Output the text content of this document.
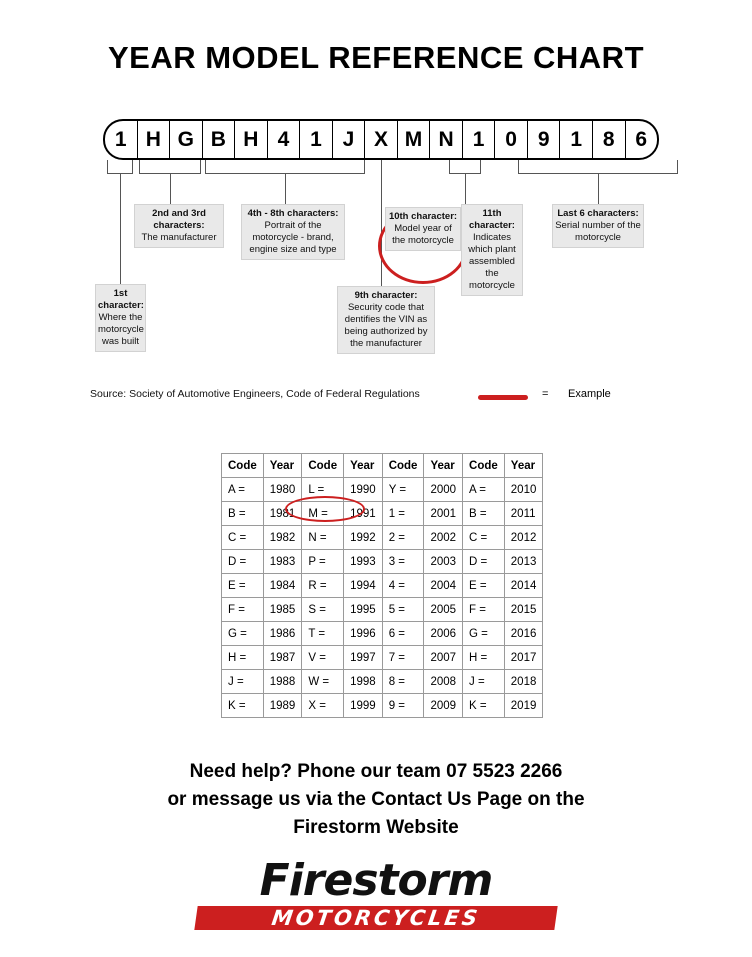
YEAR MODEL REFERENCE CHART
1 H G B H 4 1 J X M N 1 0 9 1 8 6
1st character:
Where the motorcycle was built
2nd and 3rd characters:
The manufacturer
4th - 8th characters:
Portrait of the motorcycle - brand, engine size and type
9th character:
Security code that dentifies the VIN as being authorized by the manufacturer
10th character:
Model year of the motorcycle
11th character:
Indicates which plant assembled the motorcycle
Last 6 characters:
Serial number of the motorcycle
Source: Society of Automotive Engineers, Code of Federal Regulations	= Example
Code	Year	Code	Year	Code	Year	Code	Year
A =	1980	L =	1990	Y =	2000	A =	2010
B =	1981	M =	1991	1 =	2001	B =	2011
C =	1982	N =	1992	2 =	2002	C =	2012
D =	1983	P =	1993	3 =	2003	D =	2013
E =	1984	R =	1994	4 =	2004	E =	2014
F =	1985	S =	1995	5 =	2005	F =	2015
G =	1986	T =	1996	6 =	2006	G =	2016
H =	1987	V =	1997	7 =	2007	H =	2017
J =	1988	W =	1998	8 =	2008	J =	2018
K =	1989	X =	1999	9 =	2009	K =	2019
Need help? Phone our team 07 5523 2266
or message us via the Contact Us Page on the
Firestorm Website
Firestorm
MOTORCYCLES
